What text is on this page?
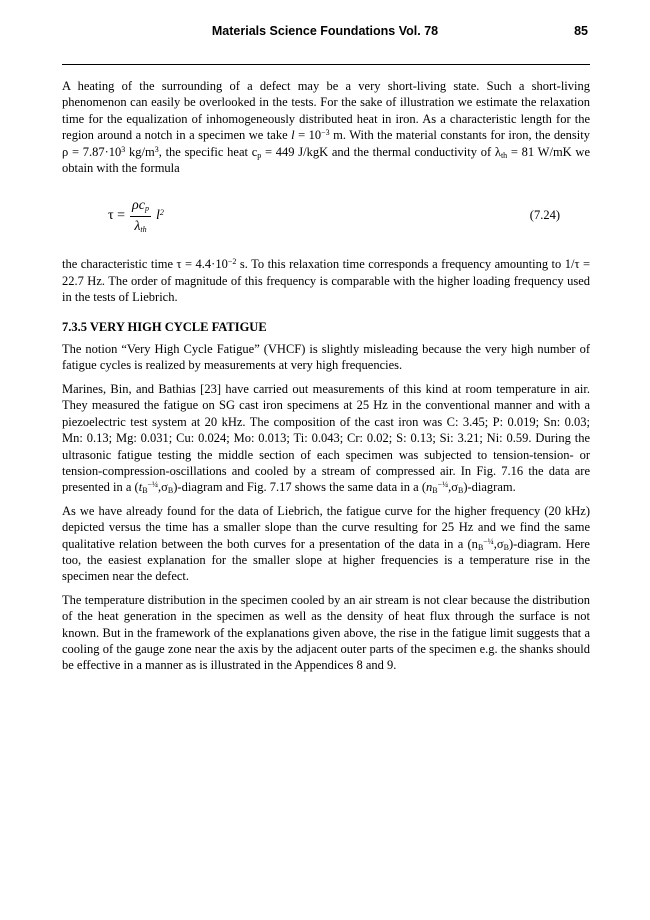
Materials Science Foundations Vol. 78	85

A heating of the surrounding of a defect may be a very short-living state. Such a short-living phenomenon can easily be overlooked in the tests. For the sake of illustration we estimate the relaxation time for the equalization of inhomogeneously distributed heat in iron. As a characteristic length for the region around a notch in a specimen we take $l = 10^{-3}$ m. With the material constants for iron, the density $\rho = 7.87\cdot 10^3$ $kg/m^3$, the specific heat $c_p = 449$ J/kgK and the thermal conductivity of $\lambda_{th} = 81$ W/mK we obtain with the formula

$\tau = \frac{\rho c_p}{\lambda_{th}} l^2$	(7.24)

the characteristic time $\tau = 4.4\cdot 10^{-2}$ s. To this relaxation time corresponds a frequency amounting to 1/τ = 22.7 Hz. The order of magnitude of this frequency is comparable with the higher loading frequency used in the tests of Liebrich.

7.3.5 VERY HIGH CYCLE FATIGUE

The notion “Very High Cycle Fatigue” (VHCF) is slightly misleading because the very high number of fatigue cycles is realized by measurements at very high frequencies.

Marines, Bin, and Bathias [23] have carried out measurements of this kind at room temperature in air. They measured the fatigue on SG cast iron specimens at 25 Hz in the conventional manner and with a piezoelectric test system at 20 kHz. The composition of the cast iron was C: 3.45; P: 0.019; Sn: 0.03; Mn: 0.13; Mg: 0.031; Cu: 0.024; Mo: 0.013; Ti: 0.043; Cr: 0.02; S: 0.13; Si: 3.21; Ni: 0.59. During the ultrasonic fatigue testing the middle section of each specimen was subjected to tension-tension- or tension-compression-oscillations and cooled by a stream of compressed air. In Fig. 7.16 the data are presented in a $(t_B^{-\frac{1}{4}},\sigma_B)$-diagram and Fig. 7.17 shows the same data in a $(n_B^{-\frac{1}{4}},\sigma_B)$-diagram.

As we have already found for the data of Liebrich, the fatigue curve for the higher frequency (20 kHz) depicted versus the time has a smaller slope than the curve resulting for 25 Hz and we find the same qualitative relation between the both curves for a presentation of the data in a $(n_B^{-\frac{1}{4}},\sigma_B)$-diagram. Here too, the easiest explanation for the smaller slope at higher frequencies is a temperature rise in the specimen near the defect.

The temperature distribution in the specimen cooled by an air stream is not clear because the distribution of the heat generation in the specimen as well as the density of heat flux through the surface is not known. But in the framework of the explanations given above, the rise in the fatigue limit suggests that a cooling of the gauge zone near the axis by the adjacent outer parts of the specimen e.g. the shanks should be effective in a manner as is illustrated in the Appendices 8 and 9.
